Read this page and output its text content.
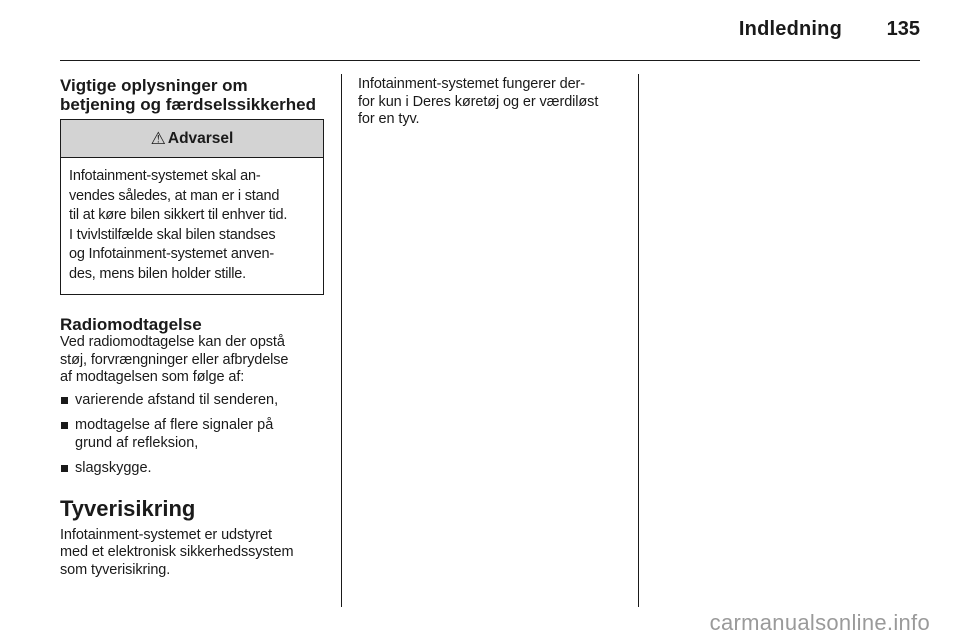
Indledning 135
Vigtige oplysninger om
betjening og færdselssikkerhed
⚠ Advarsel
Infotainment-systemet skal an-
vendes således, at man er i stand
til at køre bilen sikkert til enhver tid.
I tvivlstilfælde skal bilen standses
og Infotainment-systemet anven-
des, mens bilen holder stille.
Radiomodtagelse

Ved radiomodtagelse kan der opstå
støj, forvrængninger eller afbrydelse
af modtagelsen som følge af:

varierende afstand til senderen,
modtagelse af flere signaler på
grund af refleksion,
slagskygge.
Tyverisikring

Infotainment-systemet er udstyret
med et elektronisk sikkerhedssystem
som tyverisikring.

Infotainment-systemet fungerer der-
for kun i Deres køretøj og er værdiløst
for en tyv.

carmanualsonline.info
